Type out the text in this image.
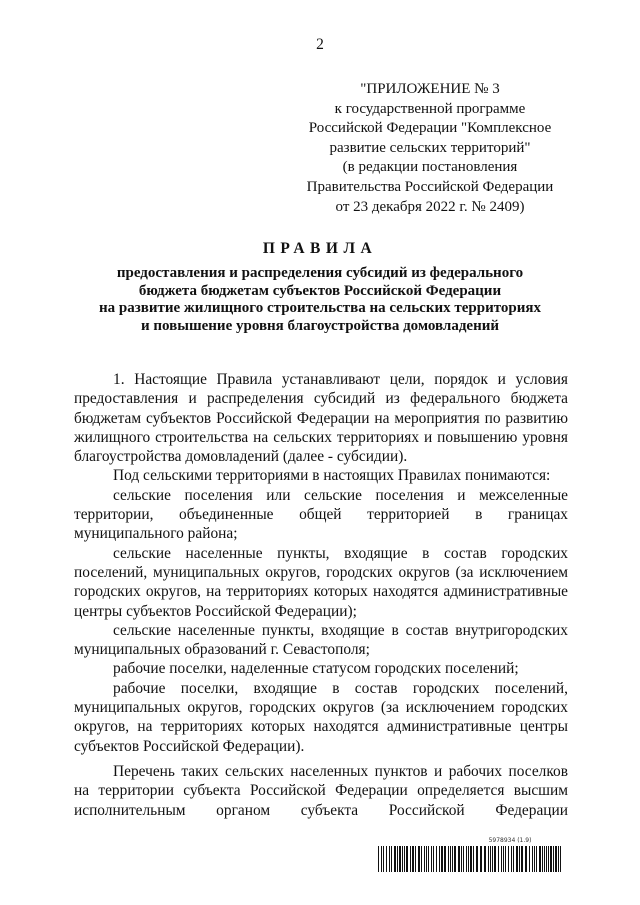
2
"ПРИЛОЖЕНИЕ № 3
к государственной программе
Российской Федерации "Комплексное
развитие сельских территорий"
(в редакции постановления
Правительства Российской Федерации
от 23 декабря 2022 г. № 2409)
ПРАВИЛА
предоставления и распределения субсидий из федерального
бюджета бюджетам субъектов Российской Федерации
на развитие жилищного строительства на сельских территориях
и повышение уровня благоустройства домовладений

1. Настоящие Правила устанавливают цели, порядок и условия предоставления и распределения субсидий из федерального бюджета бюджетам субъектов Российской Федерации на мероприятия по развитию жилищного строительства на сельских территориях и повышению уровня благоустройства домовладений (далее - субсидии).

Под сельскими территориями в настоящих Правилах понимаются:

сельские поселения или сельские поселения и межселенные территории, объединенные общей территорией в границах муниципального района;

сельские населенные пункты, входящие в состав городских поселений, муниципальных округов, городских округов (за исключением городских округов, на территориях которых находятся административные центры субъектов Российской Федерации);

сельские населенные пункты, входящие в состав внутригородских муниципальных образований г. Севастополя;

рабочие поселки, наделенные статусом городских поселений;

рабочие поселки, входящие в состав городских поселений, муниципальных округов, городских округов (за исключением городских округов, на территориях которых находятся административные центры субъектов Российской Федерации).

Перечень таких сельских населенных пунктов и рабочих поселков на территории субъекта Российской Федерации определяется высшим исполнительным органом субъекта Российской Федерации

5978934 (1.9)
